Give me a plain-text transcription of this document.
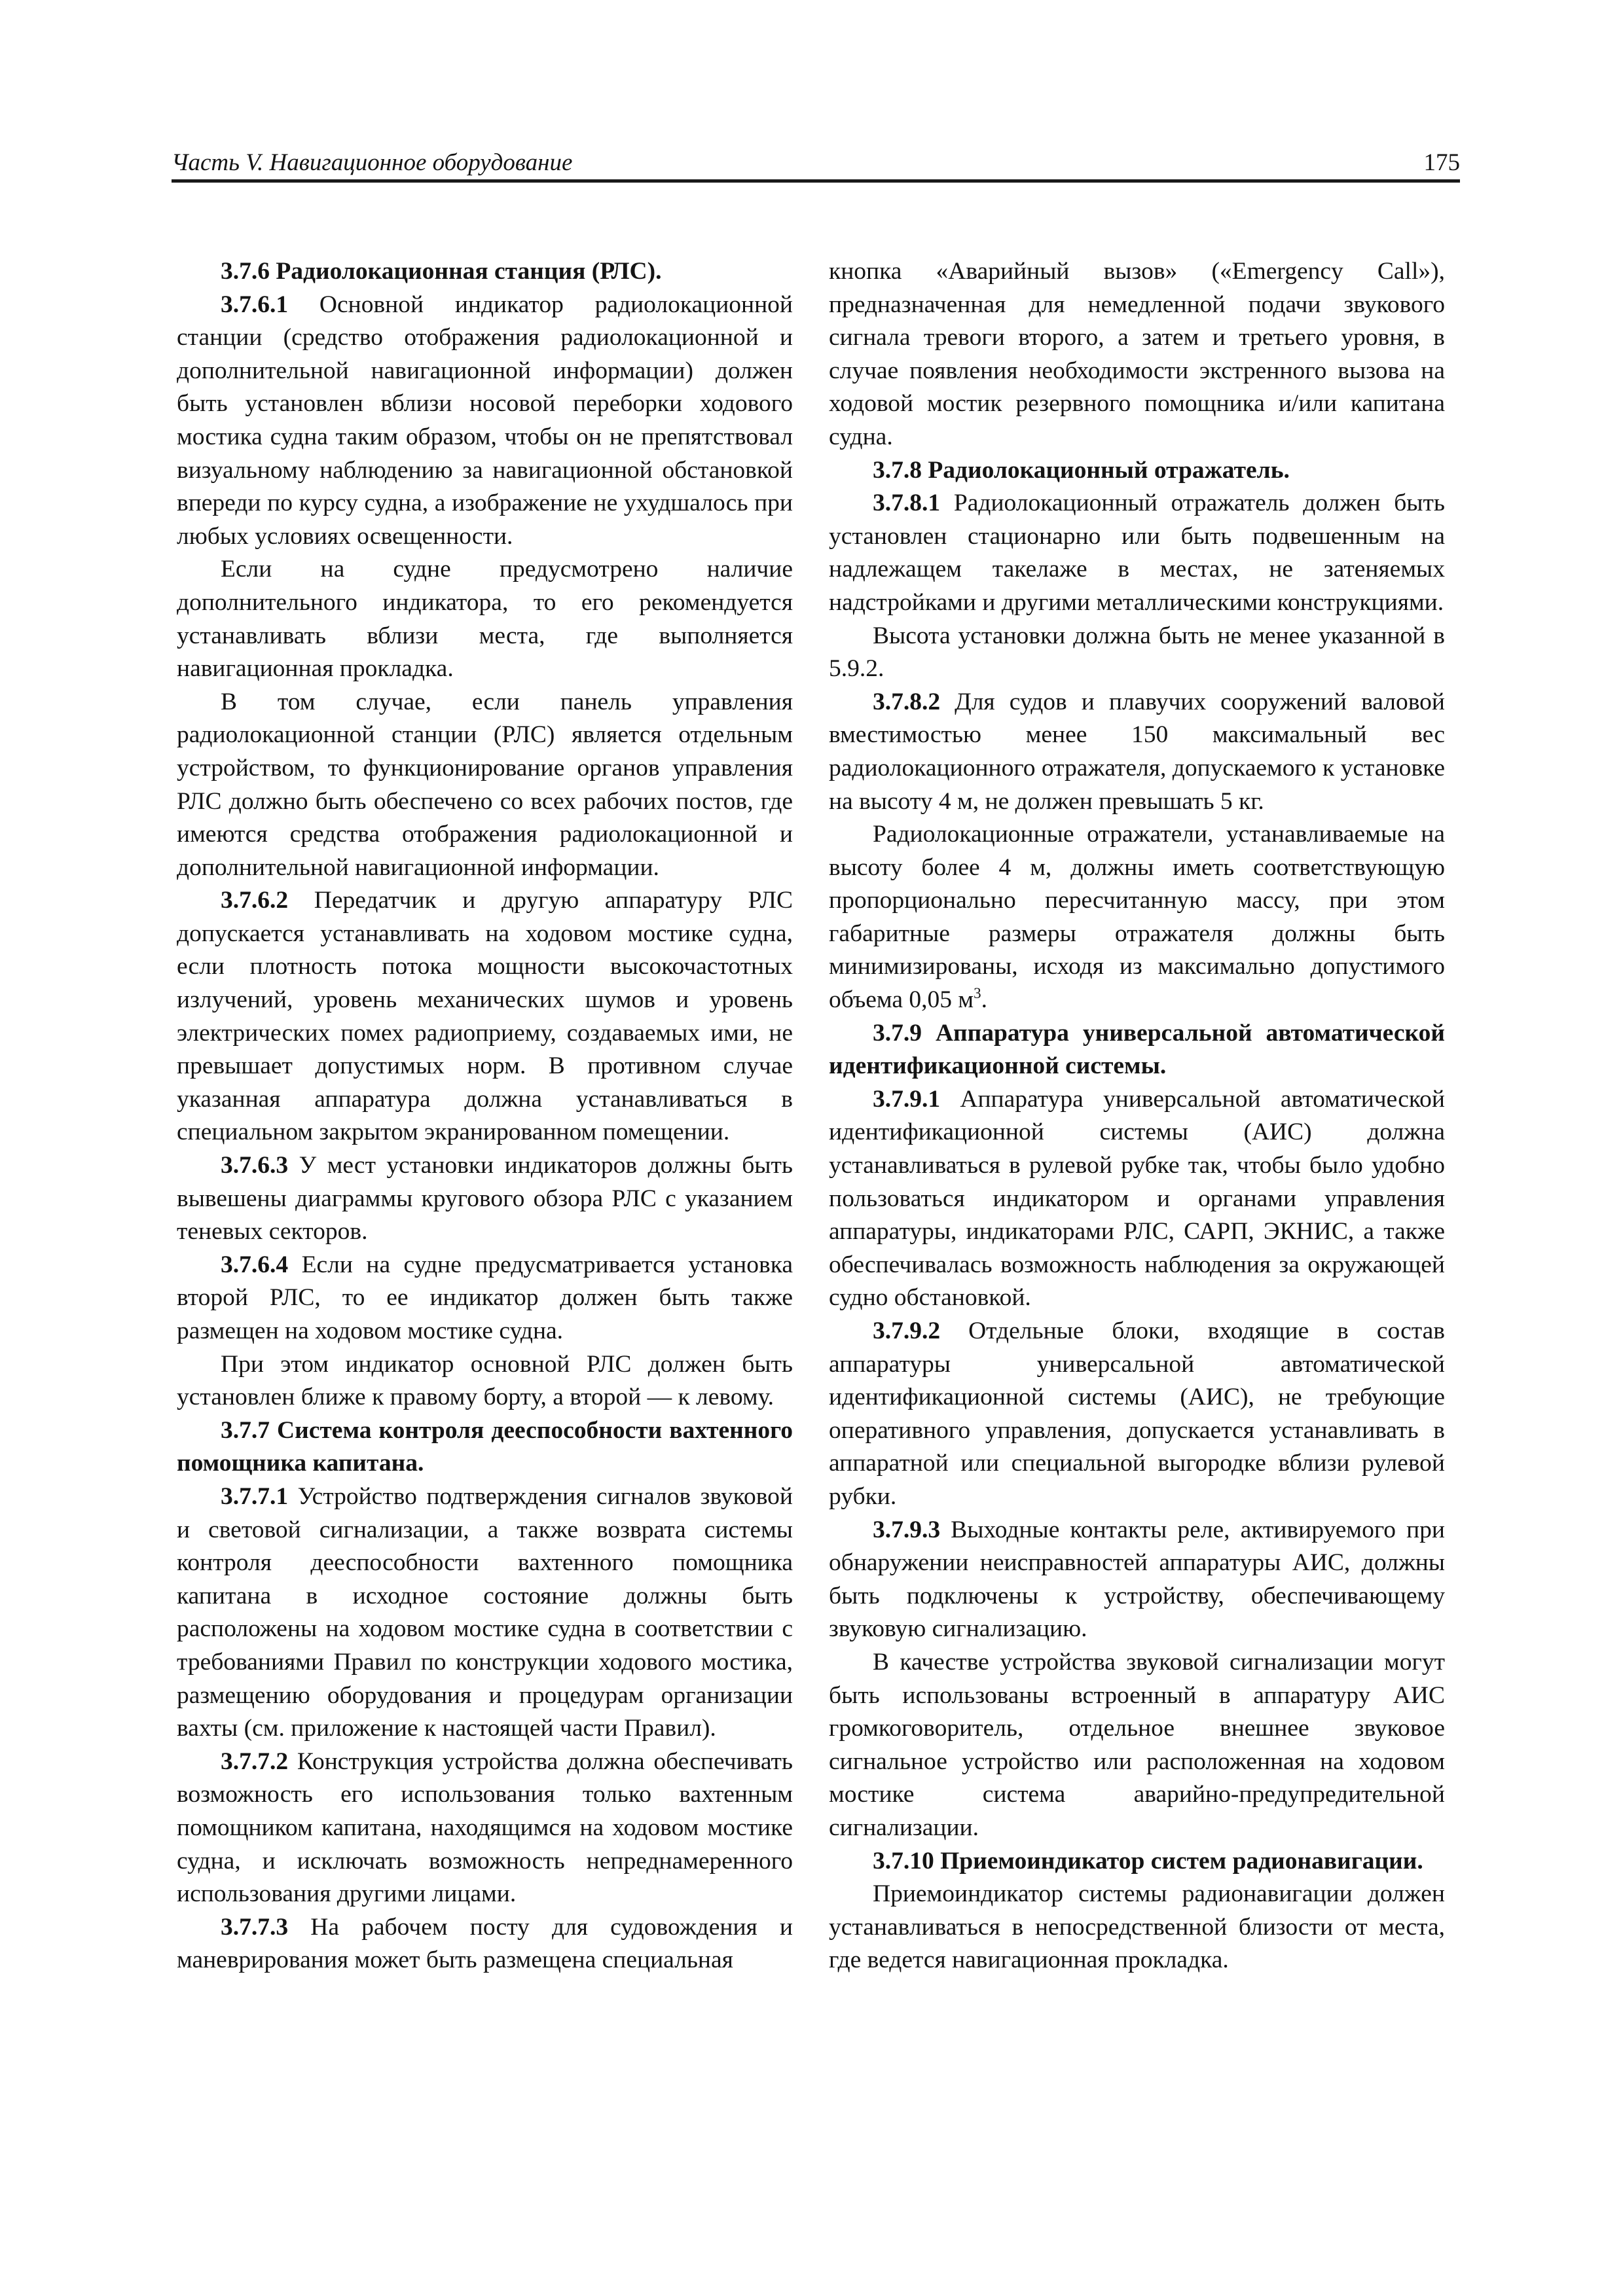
Часть V. Навигационное оборудование	175

3.7.6 Радиолокационная станция (РЛС).

3.7.6.1 Основной индикатор радиолокационной станции (средство отображения радиолокационной и дополнительной навигационной информации) должен быть установлен вблизи носовой переборки ходового мостика судна таким образом, чтобы он не препятствовал визуальному наблюдению за навигационной обстановкой впереди по курсу судна, а изображение не ухудшалось при любых условиях освещенности.

Если на судне предусмотрено наличие дополнительного индикатора, то его рекомендуется устанавливать вблизи места, где выполняется навигационная прокладка.

В том случае, если панель управления радиолокационной станции (РЛС) является отдельным устройством, то функционирование органов управления РЛС должно быть обеспечено со всех рабочих постов, где имеются средства отображения радиолокационной и дополнительной навигационной информации.

3.7.6.2 Передатчик и другую аппаратуру РЛС допускается устанавливать на ходовом мостике судна, если плотность потока мощности высокочастотных излучений, уровень механических шумов и уровень электрических помех радиоприему, создаваемых ими, не превышает допустимых норм. В противном случае указанная аппаратура должна устанавливаться в специальном закрытом экранированном помещении.

3.7.6.3 У мест установки индикаторов должны быть вывешены диаграммы кругового обзора РЛС с указанием теневых секторов.

3.7.6.4 Если на судне предусматривается установка второй РЛС, то ее индикатор должен быть также размещен на ходовом мостике судна.

При этом индикатор основной РЛС должен быть установлен ближе к правому борту, а второй — к левому.

3.7.7 Система контроля дееспособности вахтенного помощника капитана.

3.7.7.1 Устройство подтверждения сигналов звуковой и световой сигнализации, а также возврата системы контроля дееспособности вахтенного помощника капитана в исходное состояние должны быть расположены на ходовом мостике судна в соответствии с требованиями Правил по конструкции ходового мостика, размещению оборудования и процедурам организации вахты (см. приложение к настоящей части Правил).

3.7.7.2 Конструкция устройства должна обеспечивать возможность его использования только вахтенным помощником капитана, находящимся на ходовом мостике судна, и исключать возможность непреднамеренного использования другими лицами.

3.7.7.3 На рабочем посту для судовождения и маневрирования может быть размещена специальная

кнопка «Аварийный вызов» («Emergency Call»), предназначенная для немедленной подачи звукового сигнала тревоги второго, а затем и третьего уровня, в случае появления необходимости экстренного вызова на ходовой мостик резервного помощника и/или капитана судна.

3.7.8 Радиолокационный отражатель.

3.7.8.1 Радиолокационный отражатель должен быть установлен стационарно или быть подвешенным на надлежащем такелаже в местах, не затеняемых надстройками и другими металлическими конструкциями.

Высота установки должна быть не менее указанной в 5.9.2.

3.7.8.2 Для судов и плавучих сооружений валовой вместимостью менее 150 максимальный вес радиолокационного отражателя, допускаемого к установке на высоту 4 м, не должен превышать 5 кг.

Радиолокационные отражатели, устанавливаемые на высоту более 4 м, должны иметь соответствующую пропорционально пересчитанную массу, при этом габаритные размеры отражателя должны быть минимизированы, исходя из максимально допустимого объема 0,05 $м^3$.

3.7.9 Аппаратура универсальной автоматической идентификационной системы.

3.7.9.1 Аппаратура универсальной автоматической идентификационной системы (АИС) должна устанавливаться в рулевой рубке так, чтобы было удобно пользоваться индикатором и органами управления аппаратуры, индикаторами РЛС, САРП, ЭКНИС, а также обеспечивалась возможность наблюдения за окружающей судно обстановкой.

3.7.9.2 Отдельные блоки, входящие в состав аппаратуры универсальной автоматической идентификационной системы (АИС), не требующие оперативного управления, допускается устанавливать в аппаратной или специальной выгородке вблизи рулевой рубки.

3.7.9.3 Выходные контакты реле, активируемого при обнаружении неисправностей аппаратуры АИС, должны быть подключены к устройству, обеспечивающему звуковую сигнализацию.

В качестве устройства звуковой сигнализации могут быть использованы встроенный в аппаратуру АИС громкоговоритель, отдельное внешнее звуковое сигнальное устройство или расположенная на ходовом мостике система аварийно-предупредительной сигнализации.

3.7.10 Приемоиндикатор систем радионавигации.

Приемоиндикатор системы радионавигации должен устанавливаться в непосредственной близости от места, где ведется навигационная прокладка.
